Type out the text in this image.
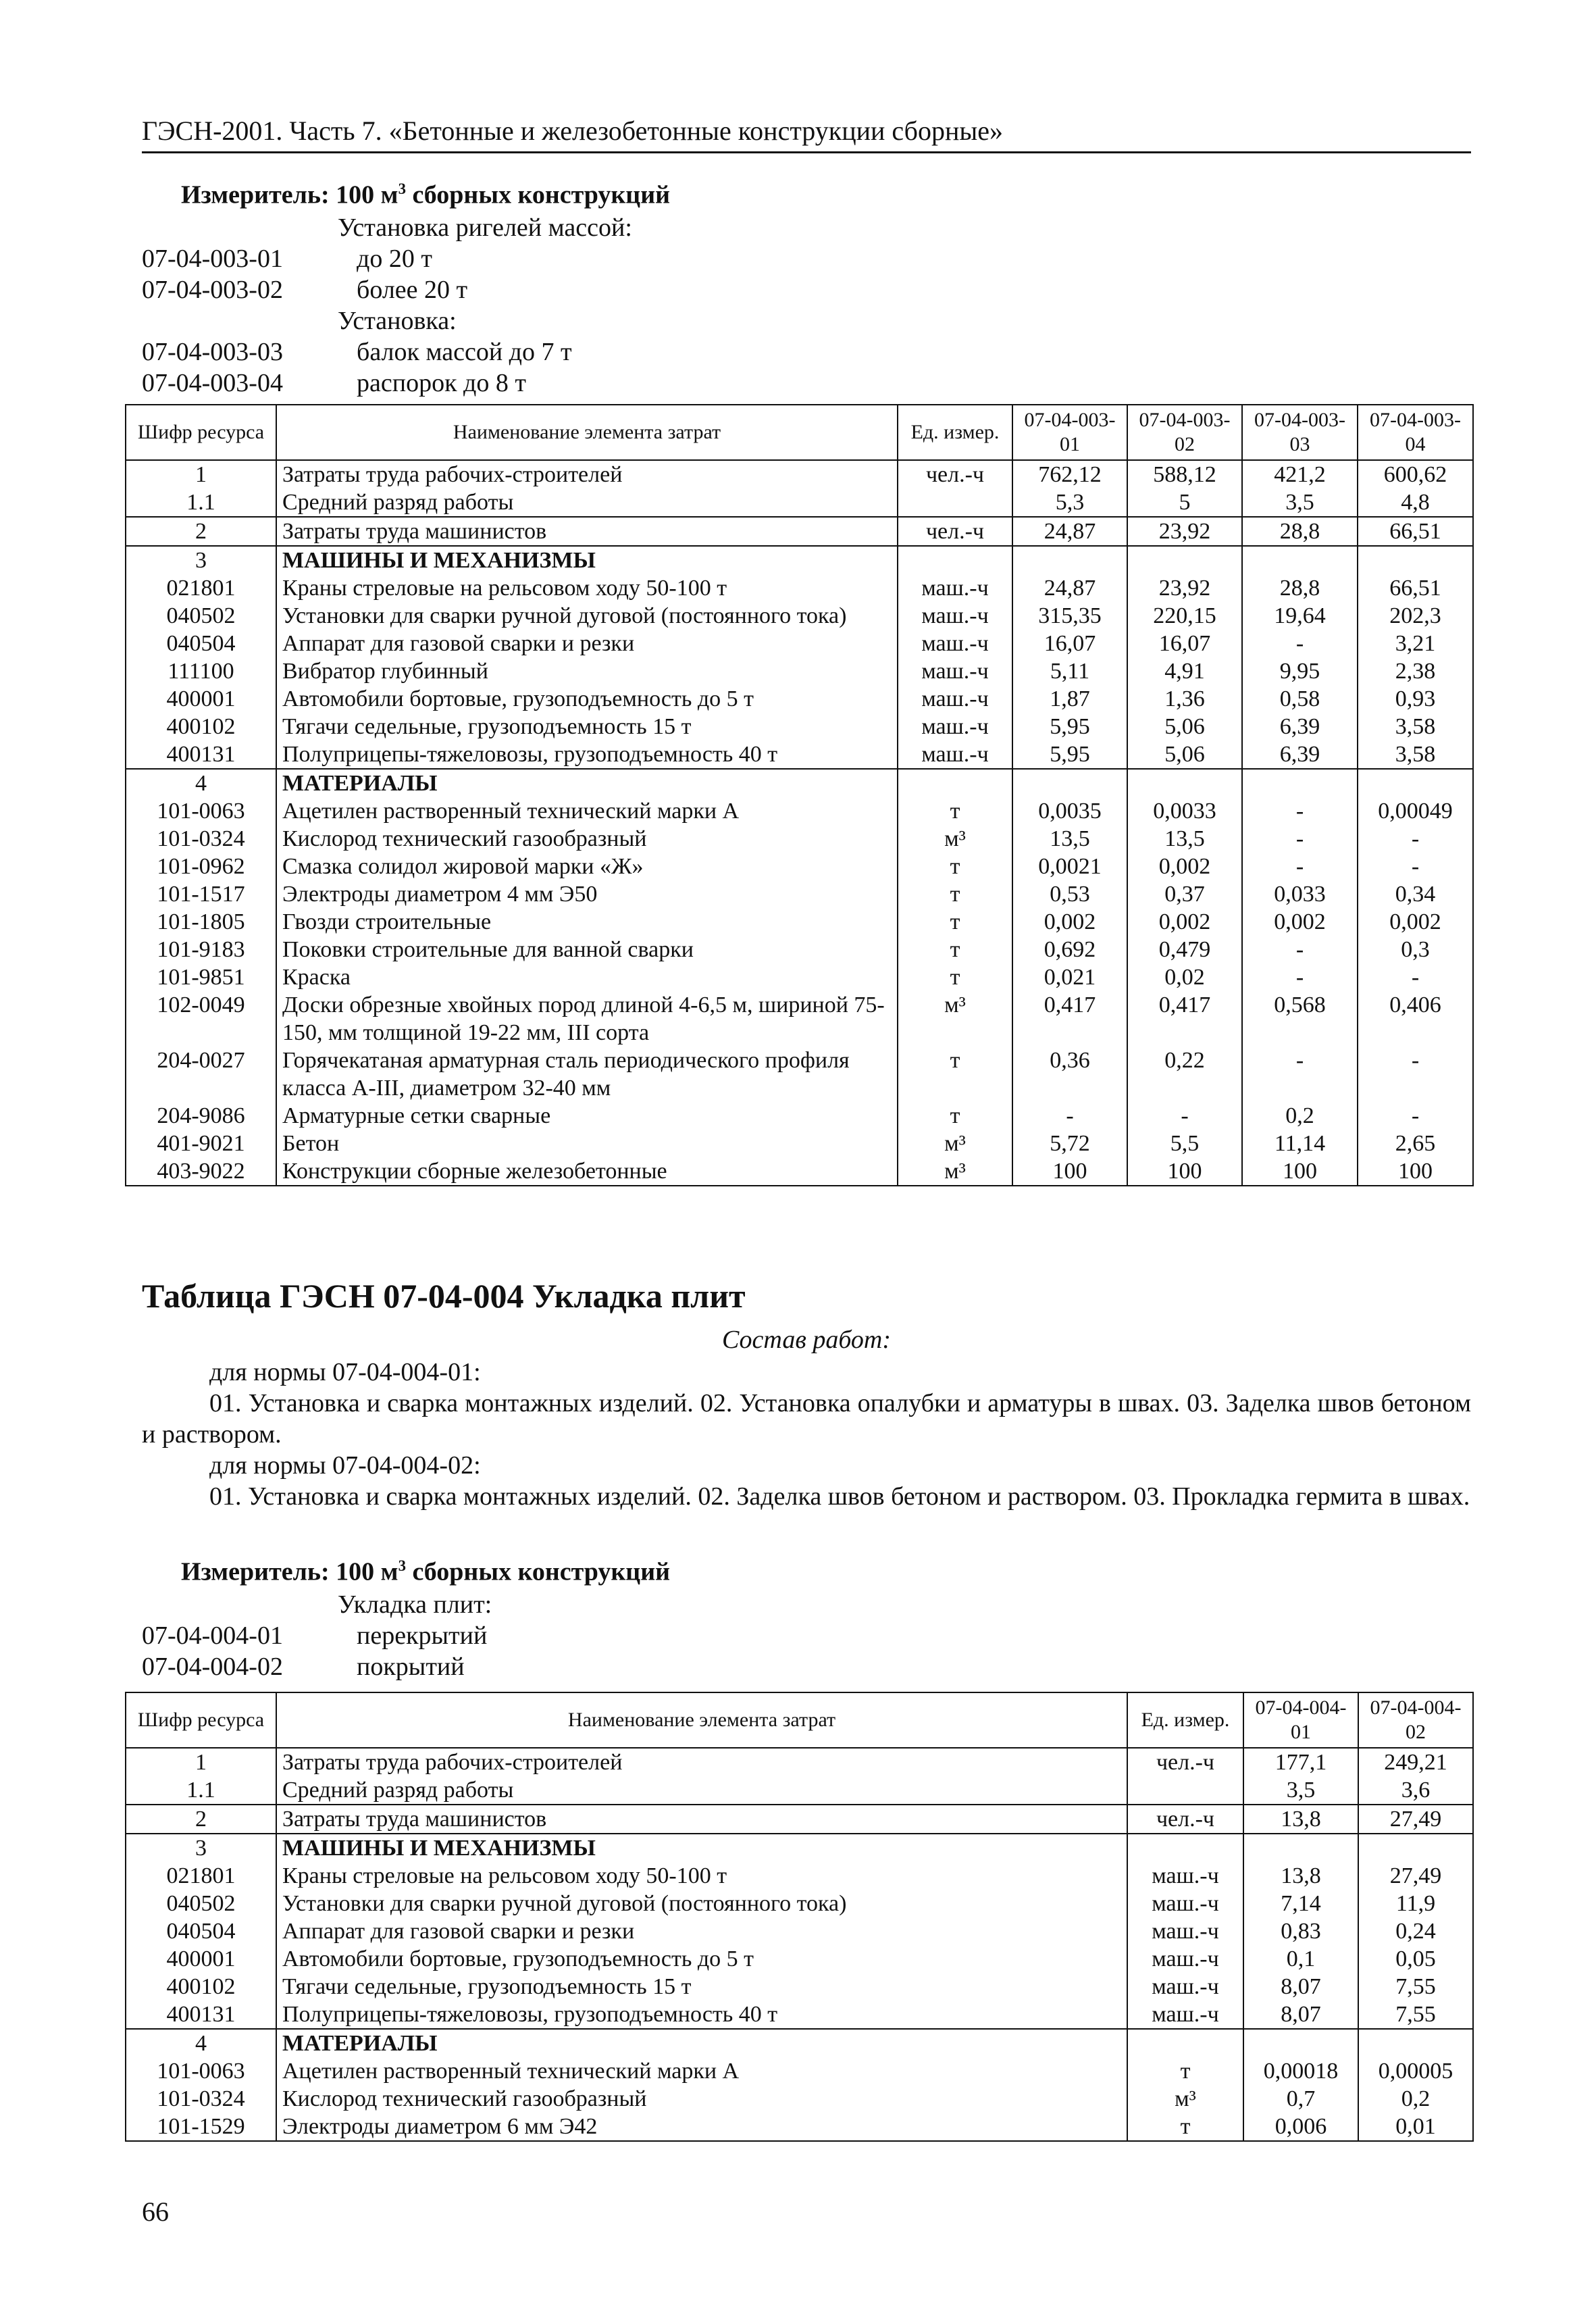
ГЭСН-2001. Часть 7. «Бетонные и железобетонные конструкции сборные»
Измеритель: 100 $м^3$ сборных конструкций
Установка ригелей массой:
07-04-003-01	до 20 т
07-04-003-02	более 20 т
Установка:
07-04-003-03	балок массой до 7 т
07-04-003-04	распорок до 8 т
Шифр ресурса	Наименование элемента затрат	Ед. измер.	07-04-003-01	07-04-003-02	07-04-003-03	07-04-003-04
1	Затраты труда рабочих-строителей	чел.-ч	762,12	588,12	421,2	600,62
1.1	Средний разряд работы		5,3	5	3,5	4,8
2	Затраты труда машинистов	чел.-ч	24,87	23,92	28,8	66,51
3	МАШИНЫ И МЕХАНИЗМЫ					
021801	Краны стреловые на рельсовом ходу 50-100 т	маш.-ч	24,87	23,92	28,8	66,51
040502	Установки для сварки ручной дуговой (постоянного тока)	маш.-ч	315,35	220,15	19,64	202,3
040504	Аппарат для газовой сварки и резки	маш.-ч	16,07	16,07	-	3,21
111100	Вибратор глубинный	маш.-ч	5,11	4,91	9,95	2,38
400001	Автомобили бортовые, грузоподъемность до 5 т	маш.-ч	1,87	1,36	0,58	0,93
400102	Тягачи седельные, грузоподъемность 15 т	маш.-ч	5,95	5,06	6,39	3,58
400131	Полуприцепы-тяжеловозы, грузоподъемность 40 т	маш.-ч	5,95	5,06	6,39	3,58
4	МАТЕРИАЛЫ					
101-0063	Ацетилен растворенный технический марки А	т	0,0035	0,0033	-	0,00049
101-0324	Кислород технический газообразный	м³	13,5	13,5	-	-
101-0962	Смазка солидол жировой марки «Ж»	т	0,0021	0,002	-	-
101-1517	Электроды диаметром 4 мм Э50	т	0,53	0,37	0,033	0,34
101-1805	Гвозди строительные	т	0,002	0,002	0,002	0,002
101-9183	Поковки строительные для ванной сварки	т	0,692	0,479	-	0,3
101-9851	Краска	т	0,021	0,02	-	-
102-0049	Доски обрезные хвойных пород длиной 4-6,5 м, шириной 75-150, мм толщиной 19-22 мм, III сорта	м³	0,417	0,417	0,568	0,406
204-0027	Горячекатаная арматурная сталь периодического профиля класса А-III, диаметром 32-40 мм	т	0,36	0,22	-	-
204-9086	Арматурные сетки сварные	т	-	-	0,2	-
401-9021	Бетон	м³	5,72	5,5	11,14	2,65
403-9022	Конструкции сборные железобетонные	м³	100	100	100	100
Таблица ГЭСН 07-04-004 Укладка плит
Состав работ:
для нормы 07-04-004-01:
01. Установка и сварка монтажных изделий. 02. Установка опалубки и арматуры в швах. 03. Заделка швов бетоном и раствором.
для нормы 07-04-004-02:
01. Установка и сварка монтажных изделий. 02. Заделка швов бетоном и раствором. 03. Прокладка гермита в швах.
Измеритель: 100 $м^3$ сборных конструкций
Укладка плит:
07-04-004-01	перекрытий
07-04-004-02	покрытий
Шифр ресурса	Наименование элемента затрат	Ед. измер.	07-04-004-01	07-04-004-02
1	Затраты труда рабочих-строителей	чел.-ч	177,1	249,21
1.1	Средний разряд работы		3,5	3,6
2	Затраты труда машинистов	чел.-ч	13,8	27,49
3	МАШИНЫ И МЕХАНИЗМЫ			
021801	Краны стреловые на рельсовом ходу 50-100 т	маш.-ч	13,8	27,49
040502	Установки для сварки ручной дуговой (постоянного тока)	маш.-ч	7,14	11,9
040504	Аппарат для газовой сварки и резки	маш.-ч	0,83	0,24
400001	Автомобили бортовые, грузоподъемность до 5 т	маш.-ч	0,1	0,05
400102	Тягачи седельные, грузоподъемность 15 т	маш.-ч	8,07	7,55
400131	Полуприцепы-тяжеловозы, грузоподъемность 40 т	маш.-ч	8,07	7,55
4	МАТЕРИАЛЫ			
101-0063	Ацетилен растворенный технический марки А	т	0,00018	0,00005
101-0324	Кислород технический газообразный	м³	0,7	0,2
101-1529	Электроды диаметром 6 мм Э42	т	0,006	0,01
66
